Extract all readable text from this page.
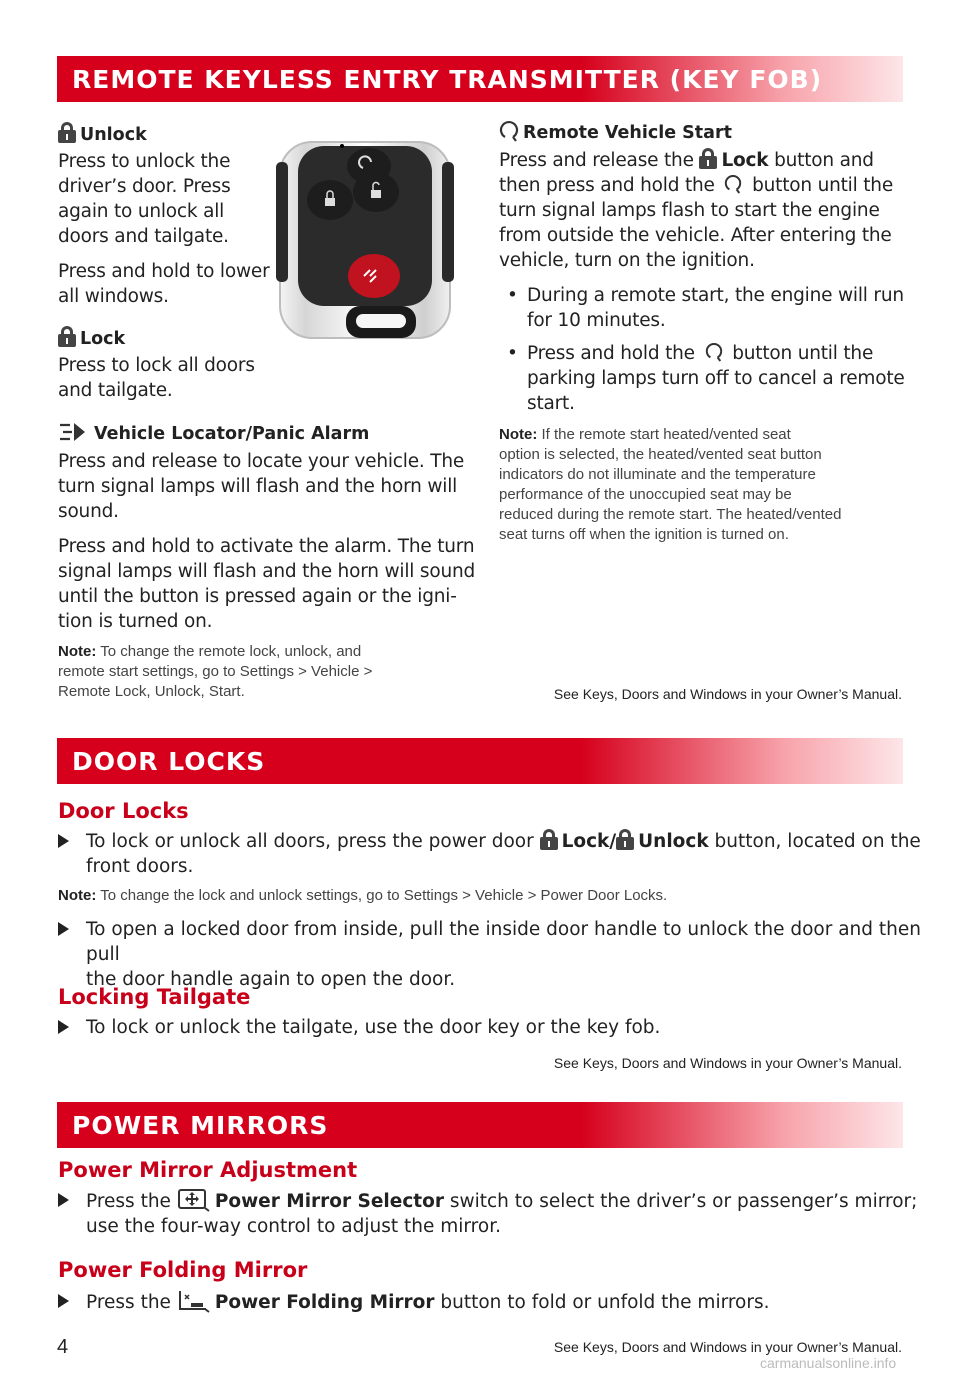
REMOTE KEYLESS ENTRY TRANSMITTER (KEY FOB)
Unlock
Press to unlock the
driver’s door. Press
again to unlock all
doors and tailgate.
Press and hold to lower
all windows.
Lock
Press to lock all doors
and tailgate.
Vehicle Locator/Panic Alarm
Press and release to locate your vehicle. The
turn signal lamps will flash and the horn will
sound.
Press and hold to activate the alarm. The turn
signal lamps will flash and the horn will sound
until the button is pressed again or the igni-
tion is turned on.
Note: To change the remote lock, unlock, and
remote start settings, go to Settings > Vehicle >
Remote Lock, Unlock, Start.
Remote Vehicle Start
Press and release the
Lock button and
then press and hold the  button until the
turn signal lamps flash to start the engine
from outside the vehicle. After entering the
vehicle, turn on the ignition.
• During a remote start, the engine will run
for 10 minutes.
• Press and hold the  button until the
parking lamps turn off to cancel a remote
start.
Note: If the remote start heated/vented seat
option is selected, the heated/vented seat button
indicators do not illuminate and the temperature
performance of the unoccupied seat may be
reduced during the remote start. The heated/vented
seat turns off when the ignition is turned on.
See Keys, Doors and Windows in your Owner’s Manual.
DOOR LOCKS
Door Locks
To lock or unlock all doors, press the power door
Lock/ Unlock button, located on the
front doors.
Note: To change the lock and unlock settings, go to Settings > Vehicle > Power Door Locks.
To open a locked door from inside, pull the inside door handle to unlock the door and then pull
the door handle again to open the door.
Locking Tailgate
To lock or unlock the tailgate, use the door key or the key fob.
See Keys, Doors and Windows in your Owner’s Manual.
POWER MIRRORS
Power Mirror Adjustment
Press the Power Mirror Selector switch to select the driver’s or passenger’s mirror;
use the four-way control to adjust the mirror.
Power Folding Mirror
Press the Power Folding Mirror button to fold or unfold the mirrors.
4	See Keys, Doors and Windows in your Owner’s Manual.
carmanualsonline.info
